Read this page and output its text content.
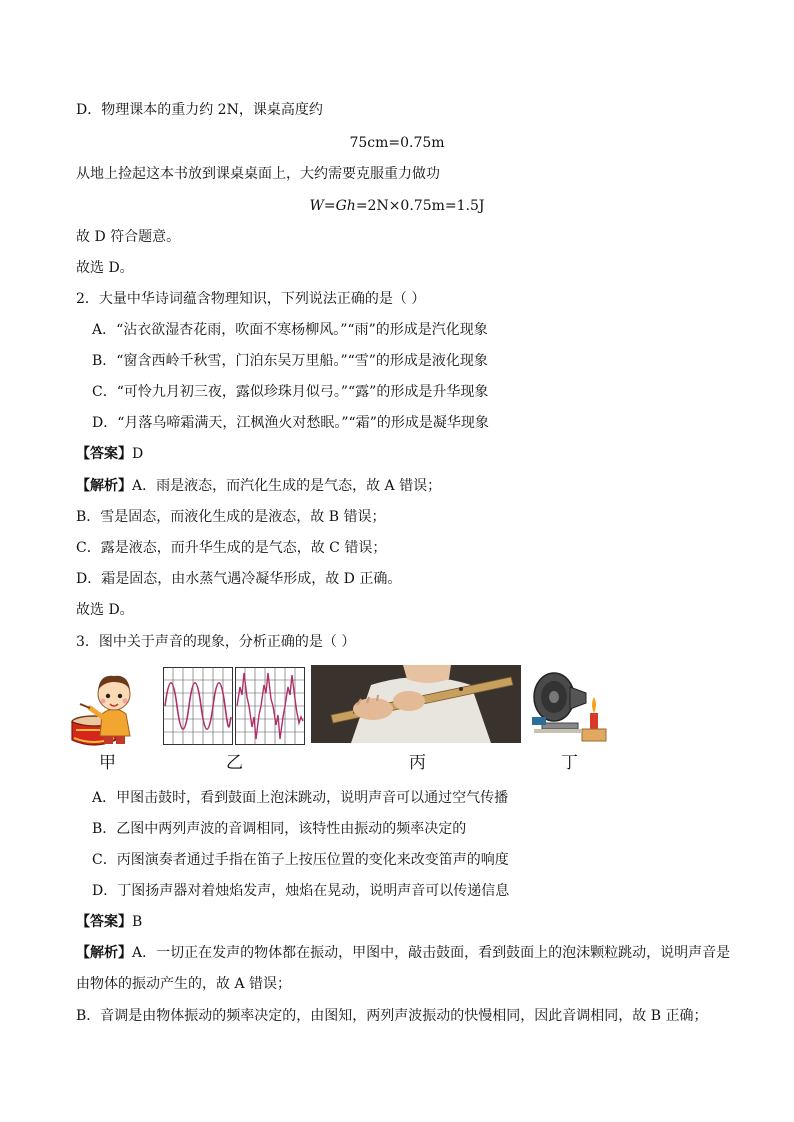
D．物理课本的重力约 2N，课桌高度约
75cm=0.75m
从地上捡起这本书放到课桌桌面上，大约需要克服重力做功
W=Gh=2N×0.75m=1.5J
故 D 符合题意。
故选 D。
2．大量中华诗词蕴含物理知识，下列说法正确的是（ ）
A．“沾衣欲湿杏花雨，吹面不寒杨柳风。”“雨”的形成是汽化现象
B．“窗含西岭千秋雪，门泊东吴万里船。”“雪”的形成是液化现象
C．“可怜九月初三夜，露似珍珠月似弓。”“露”的形成是升华现象
D．“月落乌啼霜满天，江枫渔火对愁眠。”“霜”的形成是凝华现象
【答案】D
【解析】A．雨是液态，而汽化生成的是气态，故 A 错误；
B．雪是固态，而液化生成的是液态，故 B 错误；
C．露是液态，而升华生成的是气态，故 C 错误；
D．霜是固态，由水蒸气遇冷凝华形成，故 D 正确。
故选 D。
3．图中关于声音的现象，分析正确的是（ ）
甲	乙	丙	丁
A．甲图击鼓时，看到鼓面上泡沫跳动，说明声音可以通过空气传播
B．乙图中两列声波的音调相同，该特性由振动的频率决定的
C．丙图演奏者通过手指在笛子上按压位置的变化来改变笛声的响度
D．丁图扬声器对着烛焰发声，烛焰在晃动，说明声音可以传递信息
【答案】B
【解析】A．一切正在发声的物体都在振动，甲图中，敲击鼓面，看到鼓面上的泡沫颗粒跳动，说明声音是
由物体的振动产生的，故 A 错误；
B．音调是由物体振动的频率决定的，由图知，两列声波振动的快慢相同，因此音调相同，故 B 正确；
